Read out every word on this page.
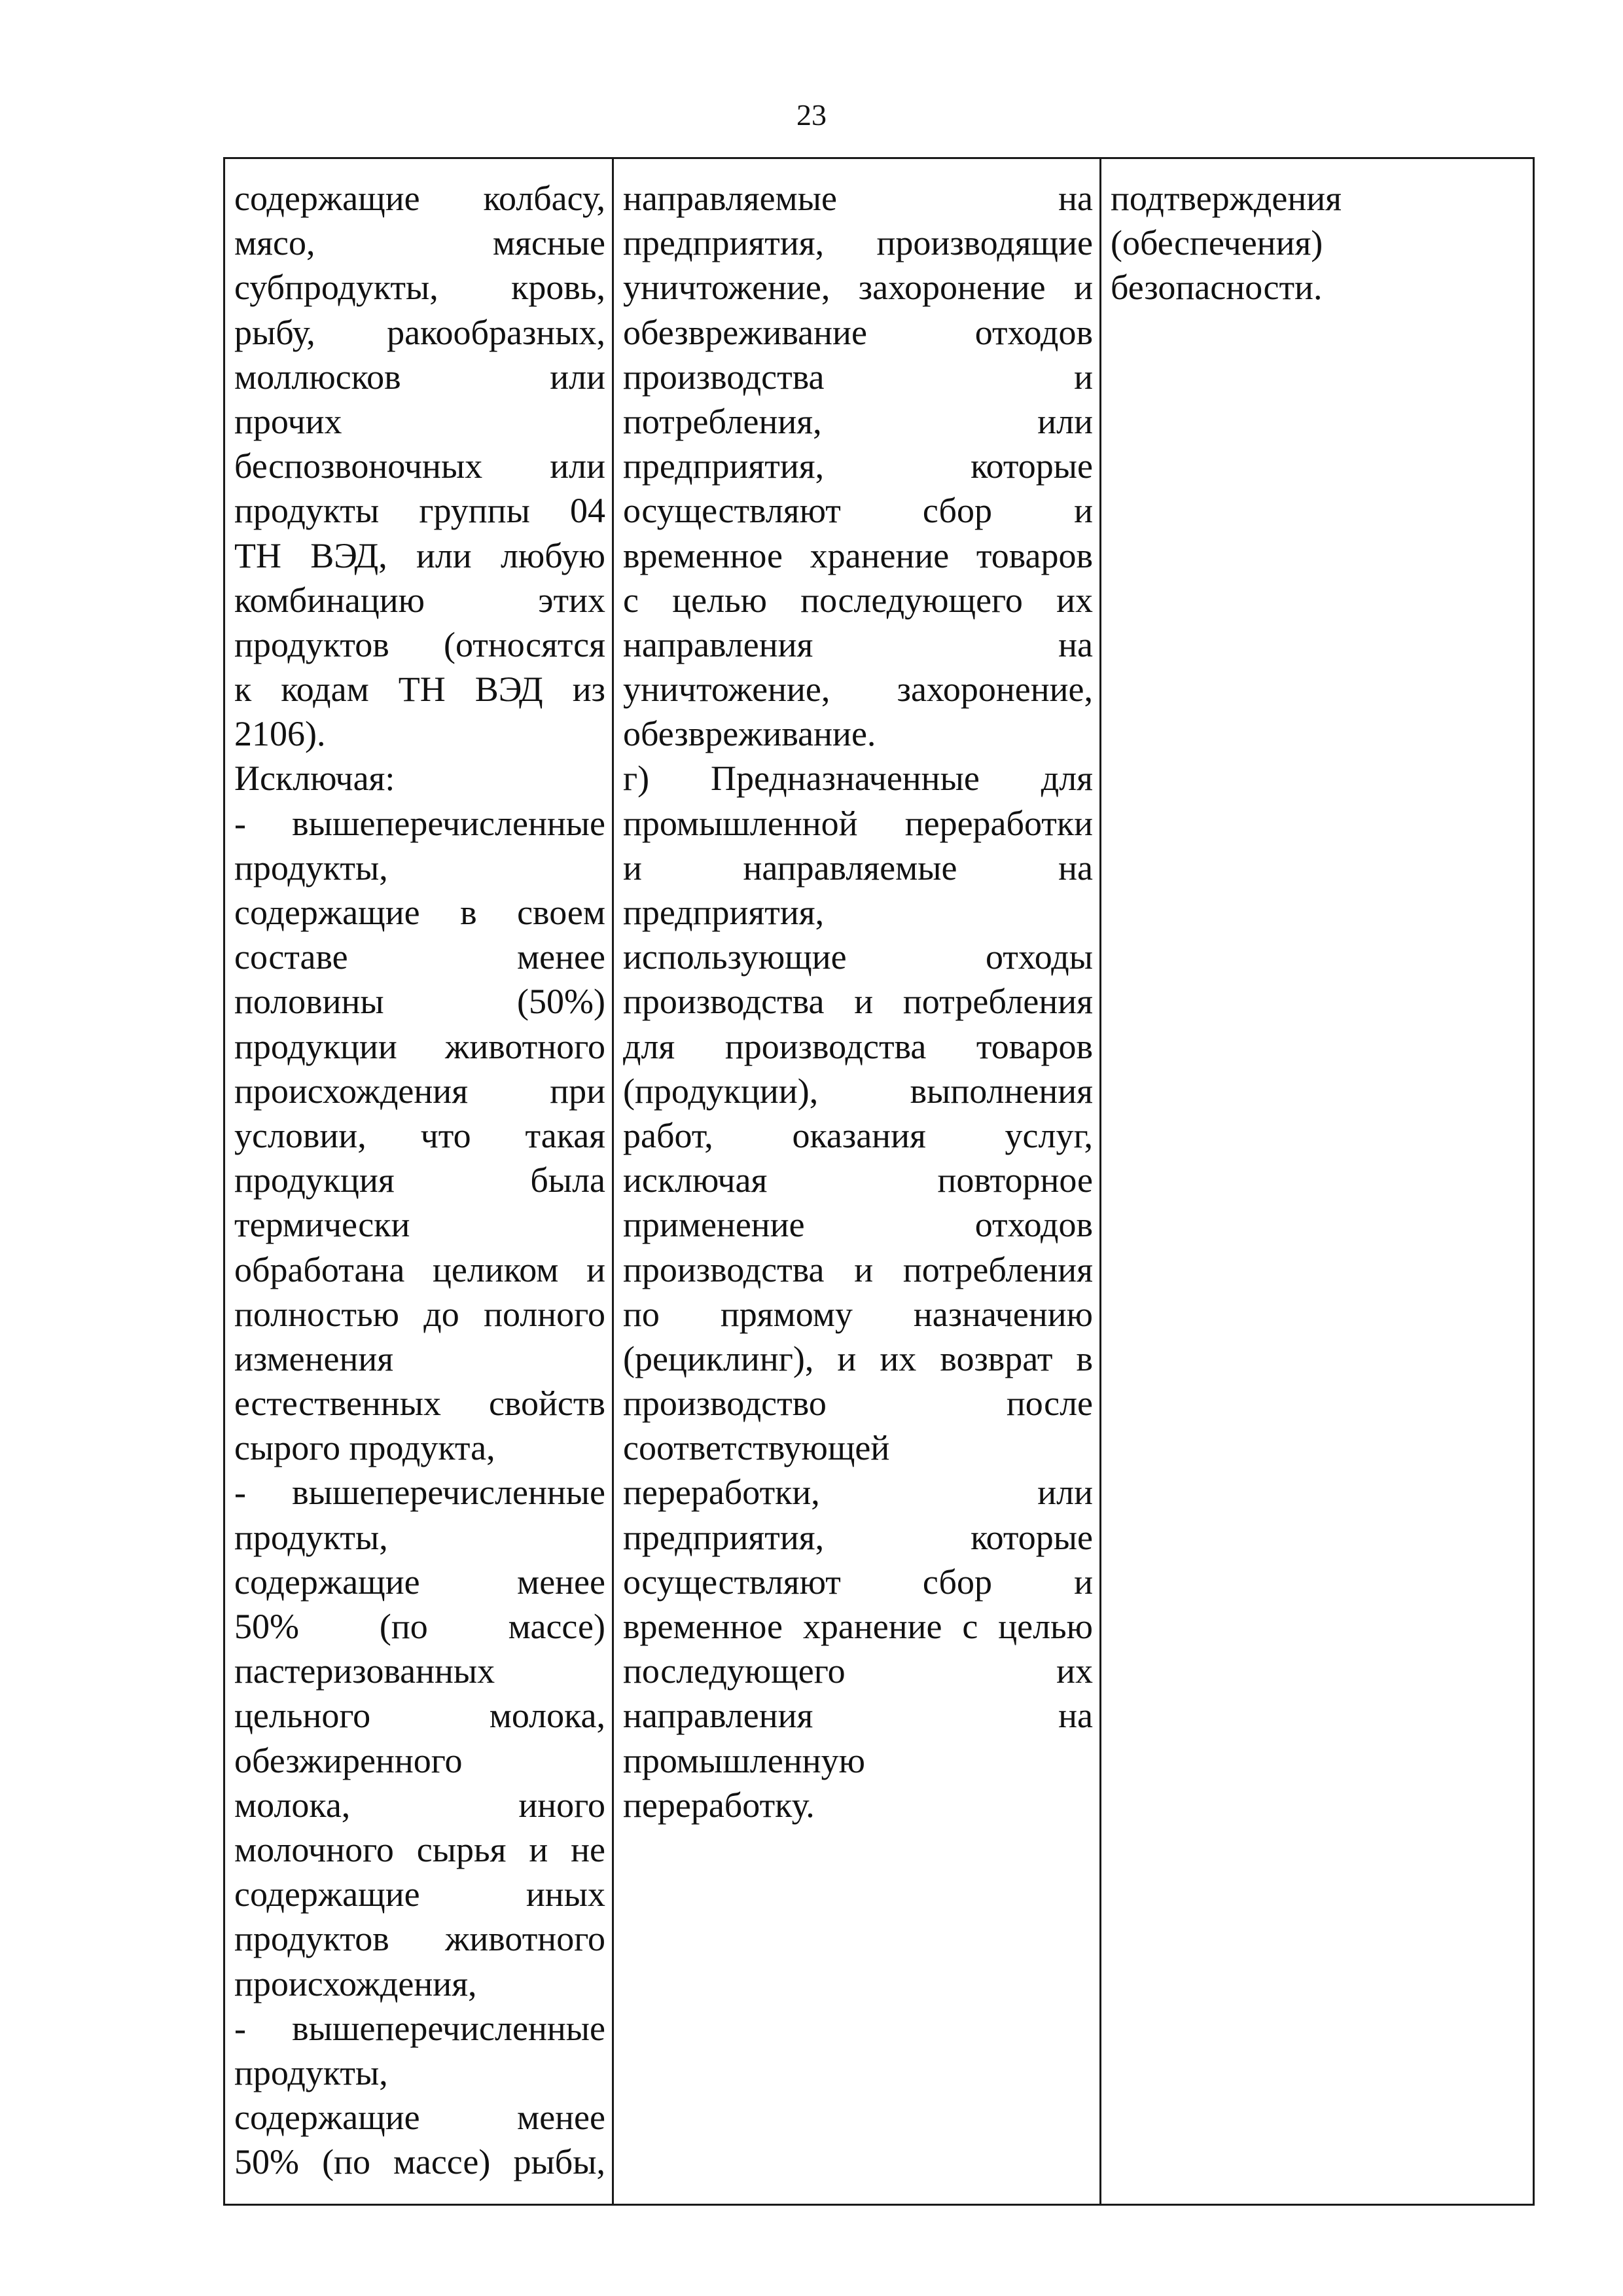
23
содержащие колбасу,
мясо, мясные
субпродукты, кровь,
рыбу, ракообразных,
моллюсков или
прочих
беспозвоночных или
продукты группы 04
ТН ВЭД, или любую
комбинацию этих
продуктов (относятся
к кодам ТН ВЭД из
2106).
Исключая:
- вышеперечисленные
продукты,
содержащие в своем
составе менее
половины (50%)
продукции животного
происхождения при
условии, что такая
продукция была
термически
обработана целиком и
полностью до полного
изменения
естественных свойств
сырого продукта,
- вышеперечисленные
продукты,
содержащие менее
50% (по массе)
пастеризованных
цельного молока,
обезжиренного
молока, иного
молочного сырья и не
содержащие иных
продуктов животного
происхождения,
- вышеперечисленные
продукты,
содержащие менее
50% (по массе) рыбы,

направляемые на
предприятия, производящие
уничтожение, захоронение и
обезвреживание отходов
производства и
потребления, или
предприятия, которые
осуществляют сбор и
временное хранение товаров
с целью последующего их
направления на
уничтожение, захоронение,
обезвреживание.
г) Предназначенные для
промышленной переработки
и направляемые на
предприятия,
использующие отходы
производства и потребления
для производства товаров
(продукции), выполнения
работ, оказания услуг,
исключая повторное
применение отходов
производства и потребления
по прямому назначению
(рециклинг), и их возврат в
производство после
соответствующей
переработки, или
предприятия, которые
осуществляют сбор и
временное хранение с целью
последующего их
направления на
промышленную
переработку.

подтверждения
(обеспечения)
безопасности.
